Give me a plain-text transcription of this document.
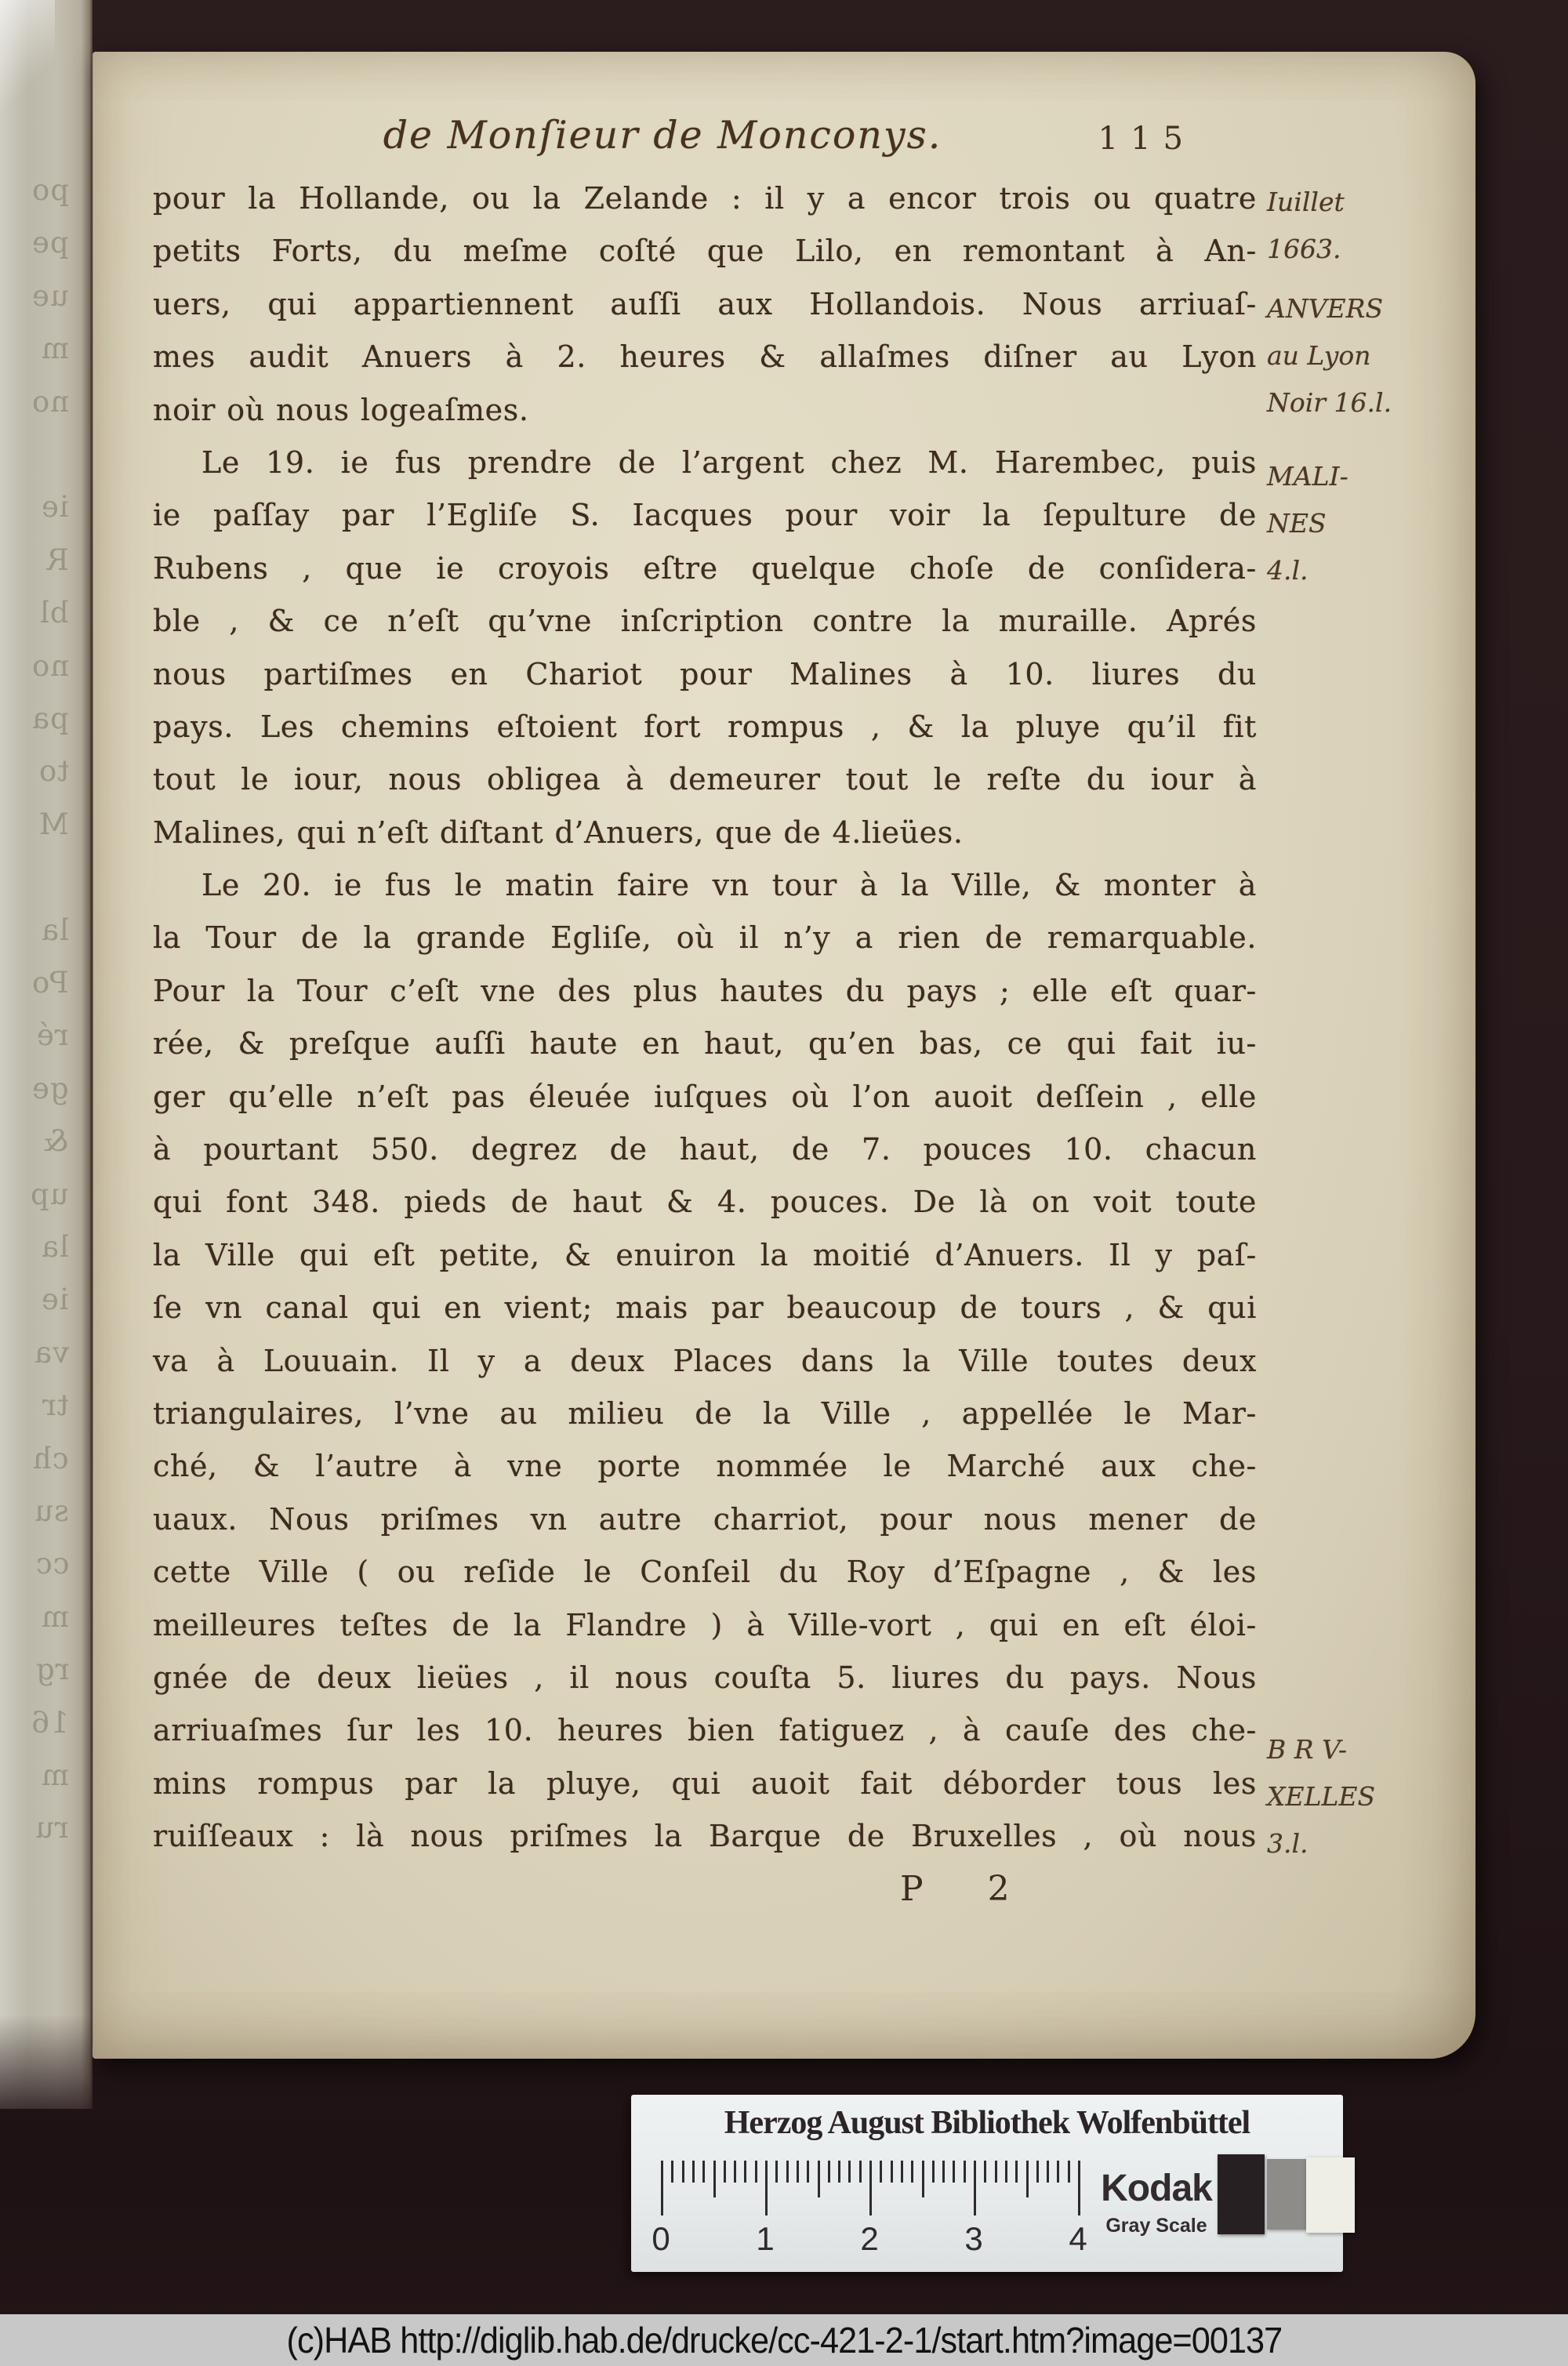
po
pe
ue
m
no
ie
R
bl
no
pa
to
M
la
Po
ré
ge
&
up
la
ie
va
tr
ch
su
cc
m
rg
16
m
ru
de Monſieur de Monconys.	115
pour la Hollande, ou la Zelande : il y a encor trois ou quatre
petits Forts, du meſme coſté que Lilo, en remontant à An-
uers, qui appartiennent auſſi aux Hollandois. Nous arriuaſ-
mes audit Anuers à 2. heures & allaſmes diſner au Lyon
noir où nous logeaſmes.
Le 19. ie fus prendre de l’argent chez M. Harembec, puis
ie paſſay par l’Egliſe S. Iacques pour voir la ſepulture de
Rubens , que ie croyois eſtre quelque choſe de conſidera-
ble , & ce n’eſt qu’vne inſcription contre la muraille. Aprés
nous partiſmes en Chariot pour Malines à 10. liures du
pays. Les chemins eſtoient fort rompus , & la pluye qu’il fit
tout le iour, nous obligea à demeurer tout le reſte du iour à
Malines, qui n’eſt diſtant d’Anuers, que de 4.lieües.
Le 20. ie fus le matin faire vn tour à la Ville, & monter à
la Tour de la grande Egliſe, où il n’y a rien de remarquable.
Pour la Tour c’eſt vne des plus hautes du pays ; elle eſt quar-
rée, & preſque auſſi haute en haut, qu’en bas, ce qui fait iu-
ger qu’elle n’eſt pas éleuée iuſques où l’on auoit deſſein , elle
à pourtant 550. degrez de haut, de 7. pouces 10. chacun
qui font 348. pieds de haut & 4. pouces. De là on voit toute
la Ville qui eſt petite, & enuiron la moitié d’Anuers. Il y paſ-
ſe vn canal qui en vient; mais par beaucoup de tours , & qui
va à Louuain. Il y a deux Places dans la Ville toutes deux
triangulaires, l’vne au milieu de la Ville , appellée le Mar-
ché, & l’autre à vne porte nommée le Marché aux che-
uaux. Nous priſmes vn autre charriot, pour nous mener de
cette Ville ( ou reſide le Conſeil du Roy d’Eſpagne , & les
meilleures teſtes de la Flandre ) à Ville-vort , qui en eſt éloi-
gnée de deux lieües , il nous couſta 5. liures du pays. Nous
arriuaſmes ſur les 10. heures bien fatiguez , à cauſe des che-
mins rompus par la pluye, qui auoit fait déborder tous les
ruiſſeaux : là nous priſmes la Barque de Bruxelles , où nous
Iuillet
1663.
ANVERS
au Lyon
Noir 16.l.
MALI-
NES
4.l.
B R V-
XELLES
3.l.
P 2
Herzog August Bibliothek Wolfenbüttel
0	1	2	3	4
Kodak
Gray Scale
(c)HAB http://diglib.hab.de/drucke/cc-421-2-1/start.htm?image=00137
